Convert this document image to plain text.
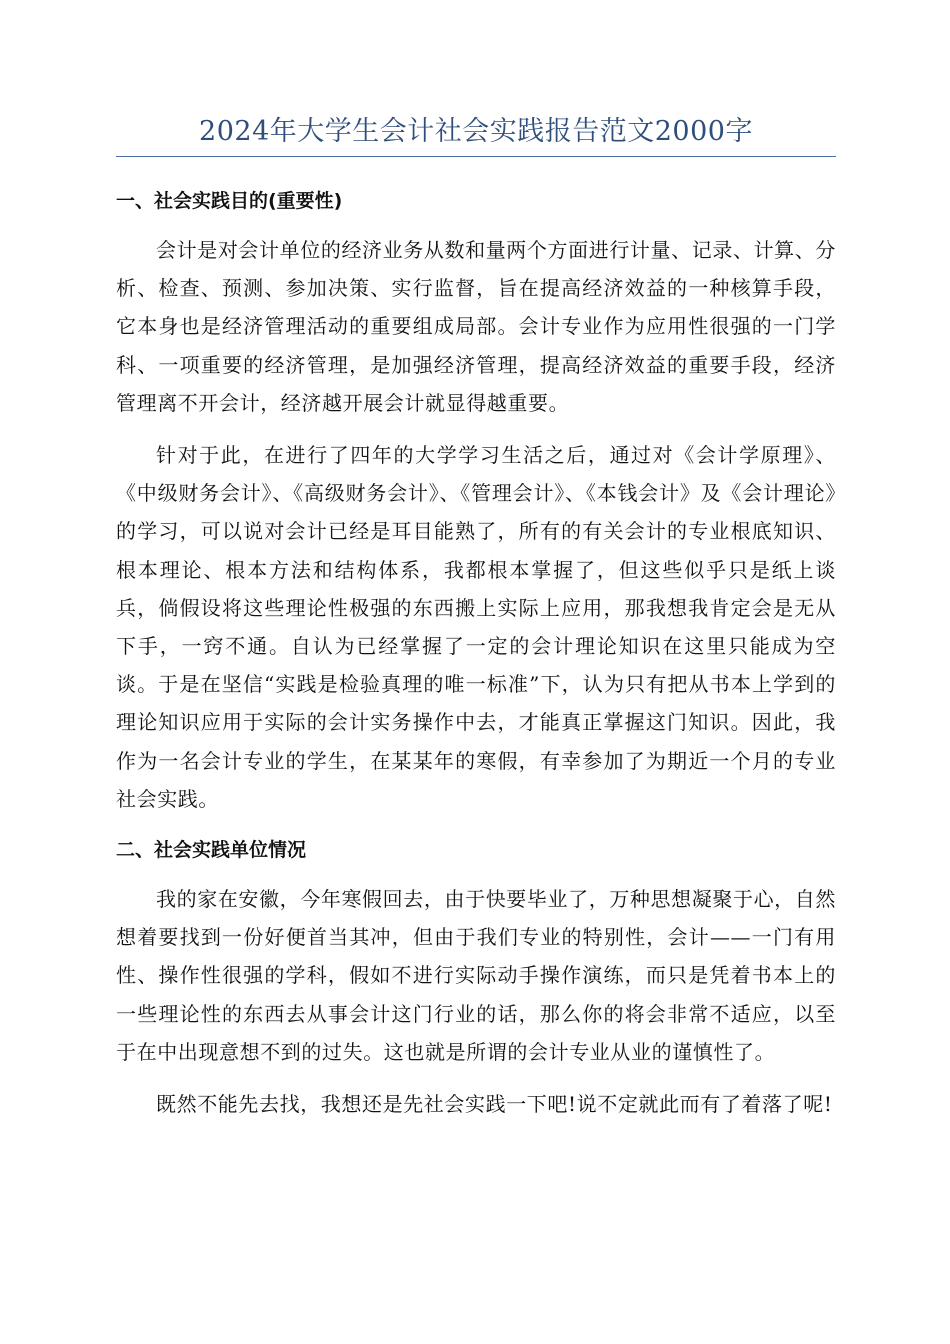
2024年大学生会计社会实践报告范文2000字
一、社会实践目的(重要性)

会计是对会计单位的经济业务从数和量两个方面进行计量、记录、计算、分析、检查、预测、参加决策、实行监督，旨在提高经济效益的一种核算手段，它本身也是经济管理活动的重要组成局部。会计专业作为应用性很强的一门学科、一项重要的经济管理，是加强经济管理，提高经济效益的重要手段，经济管理离不开会计，经济越开展会计就显得越重要。

针对于此，在进行了四年的大学学习生活之后，通过对《会计学原理》、《中级财务会计》、《高级财务会计》、《管理会计》、《本钱会计》及《会计理论》的学习，可以说对会计已经是耳目能熟了，所有的有关会计的专业根底知识、根本理论、根本方法和结构体系，我都根本掌握了，但这些似乎只是纸上谈兵，倘假设将这些理论性极强的东西搬上实际上应用，那我想我肯定会是无从下手，一窍不通。自认为已经掌握了一定的会计理论知识在这里只能成为空谈。于是在坚信“实践是检验真理的唯一标准”下，认为只有把从书本上学到的理论知识应用于实际的会计实务操作中去，才能真正掌握这门知识。因此，我作为一名会计专业的学生，在某某年的寒假，有幸参加了为期近一个月的专业社会实践。

二、社会实践单位情况

我的家在安徽，今年寒假回去，由于快要毕业了，万种思想凝聚于心，自然想着要找到一份好便首当其冲，但由于我们专业的特别性，会计——一门有用性、操作性很强的学科，假如不进行实际动手操作演练，而只是凭着书本上的一些理论性的东西去从事会计这门行业的话，那么你的将会非常不适应，以至于在中出现意想不到的过失。这也就是所谓的会计专业从业的谨慎性了。

既然不能先去找，我想还是先社会实践一下吧!说不定就此而有了着落了呢!
